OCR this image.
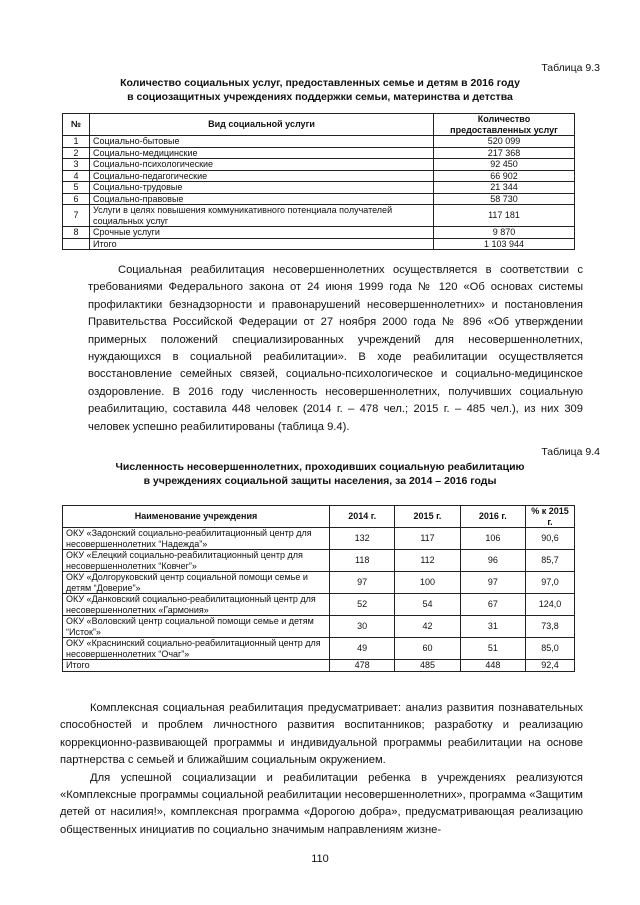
Таблица 9.3
Количество социальных услуг, предоставленных семье и детям в 2016 году
в социозащитных учреждениях поддержки семьи, материнства и детства
№	Вид социальной услуги	Количество предоставленных услуг
1	Социально-бытовые	520 099
2	Социально-медицинские	217 368
3	Социально-психологические	92 450
4	Социально-педагогические	66 902
5	Социально-трудовые	21 344
6	Социально-правовые	58 730
7	Услуги в целях повышения коммуникативного потенциала получателей социальных услуг	117 181
8	Срочные услуги	9 870
	Итого	1 103 944

Социальная реабилитация несовершеннолетних осуществляется в соответствии с требованиями Федерального закона от 24 июня 1999 года № 120 «Об основах системы профилактики безнадзорности и правонарушений несовершеннолетних» и постановления Правительства Российской Федерации от 27 ноября 2000 года № 896 «Об утверждении примерных положений специализированных учреждений для несовершеннолетних, нуждающихся в социальной реабилитации». В ходе реабилитации осуществляется восстановление семейных связей, социально-психологическое и социально-медицинское оздоровление. В 2016 году численность несовершеннолетних, получивших социальную реабилитацию, составила 448 человек (2014 г. – 478 чел.; 2015 г. – 485 чел.), из них 309 человек успешно реабилитированы (таблица 9.4).

Таблица 9.4
Численность несовершеннолетних, проходивших социальную реабилитацию
в учреждениях социальной защиты населения, за 2014 – 2016 годы
Наименование учреждения	2014 г.	2015 г.	2016 г.	% к 2015 г.
ОКУ «Задонский социально-реабилитационный центр для несовершеннолетних “Надежда”»	132	117	106	90,6
ОКУ «Елецкий социально-реабилитационный центр для несовершеннолетних “Ковчег”»	118	112	96	85,7
ОКУ «Долгоруковский центр социальной помощи семье и детям “Доверие”»	97	100	97	97,0
ОКУ «Данковский социально-реабилитационный центр для несовершеннолетних «Гармония»	52	54	67	124,0
ОКУ «Воловский центр социальной помощи семье и детям “Исток”»	30	42	31	73,8
ОКУ «Краснинский социально-реабилитационный центр для несовершеннолетних “Очаг”»	49	60	51	85,0
Итого	478	485	448	92,4

Комплексная социальная реабилитация предусматривает: анализ развития познавательных способностей и проблем личностного развития воспитанников; разработку и реализацию коррекционно-развивающей программы и индивидуальной программы реабилитации на основе партнерства с семьей и ближайшим социальным окружением.

Для успешной социализации и реабилитации ребенка в учреждениях реализуются «Комплексные программы социальной реабилитации несовершеннолетних», программа «Защитим детей от насилия!», комплексная программа «Дорогою добра», предусматривающая реализацию общественных инициатив по социально значимым направлениям жизне-

110
